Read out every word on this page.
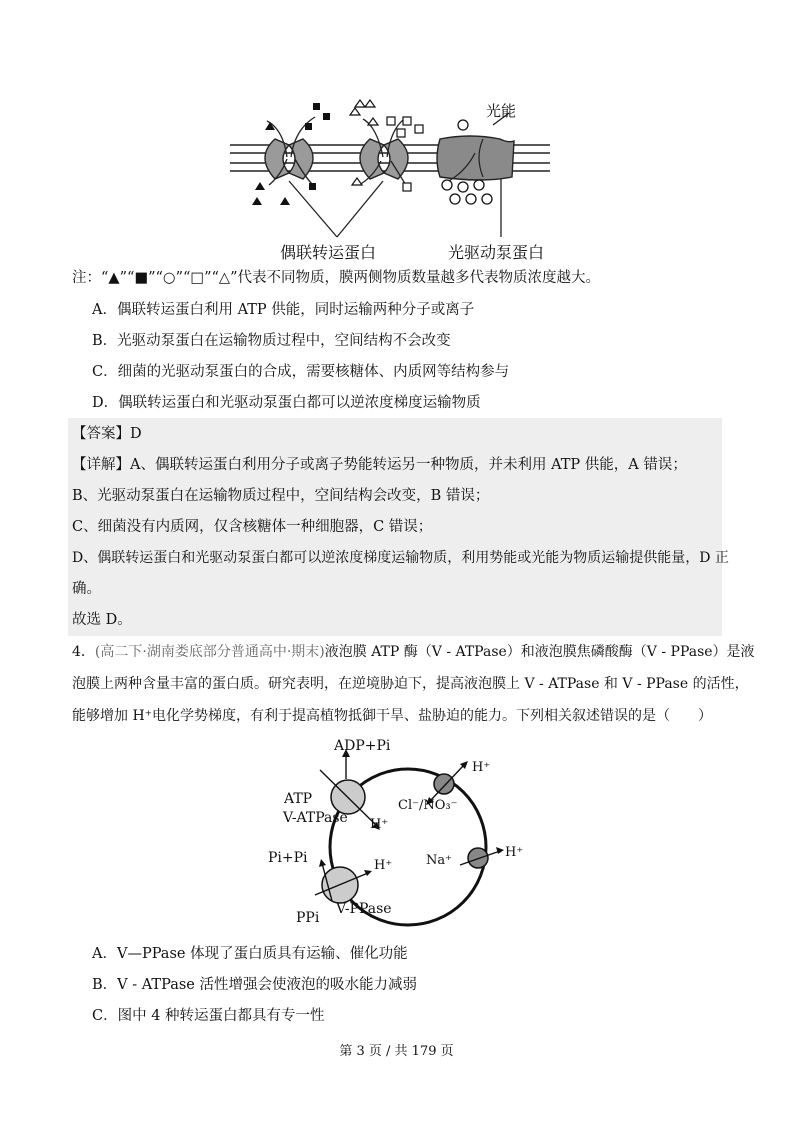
光能
偶联转运蛋白	光驱动泵蛋白
注：“▲”“■”“○”“□”“△”代表不同物质，膜两侧物质数量越多代表物质浓度越大。
A．偶联转运蛋白利用 ATP 供能，同时运输两种分子或离子
B．光驱动泵蛋白在运输物质过程中，空间结构不会改变
C．细菌的光驱动泵蛋白的合成，需要核糖体、内质网等结构参与
D．偶联转运蛋白和光驱动泵蛋白都可以逆浓度梯度运输物质
【答案】D
【详解】A、偶联转运蛋白利用分子或离子势能转运另一种物质，并未利用 ATP 供能，A 错误；
B、光驱动泵蛋白在运输物质过程中，空间结构会改变，B 错误；
C、细菌没有内质网，仅含核糖体一种细胞器，C 错误；
D、偶联转运蛋白和光驱动泵蛋白都可以逆浓度梯度运输物质，利用势能或光能为物质运输提供能量，D 正
确。
故选 D。
4．(高二下·湖南娄底部分普通高中·期末)液泡膜 ATP 酶（V - ATPase）和液泡膜焦磷酸酶（V - PPase）是液
泡膜上两种含量丰富的蛋白质。研究表明，在逆境胁迫下，提高液泡膜上 V - ATPase 和 V - PPase 的活性，
能够增加 H⁺电化学势梯度，有利于提高植物抵御干旱、盐胁迫的能力。下列相关叙述错误的是（　　）
ADP+Pi
ATP
V-ATPase H⁺
H⁺
Cl⁻/NO₃⁻
Na⁺
H⁺
Pi+Pi	H⁺
PPi
V-PPase
A．V—PPase 体现了蛋白质具有运输、催化功能
B．V - ATPase 活性增强会使液泡的吸水能力减弱
C．图中 4 种转运蛋白都具有专一性
第 3 页 / 共 179 页
